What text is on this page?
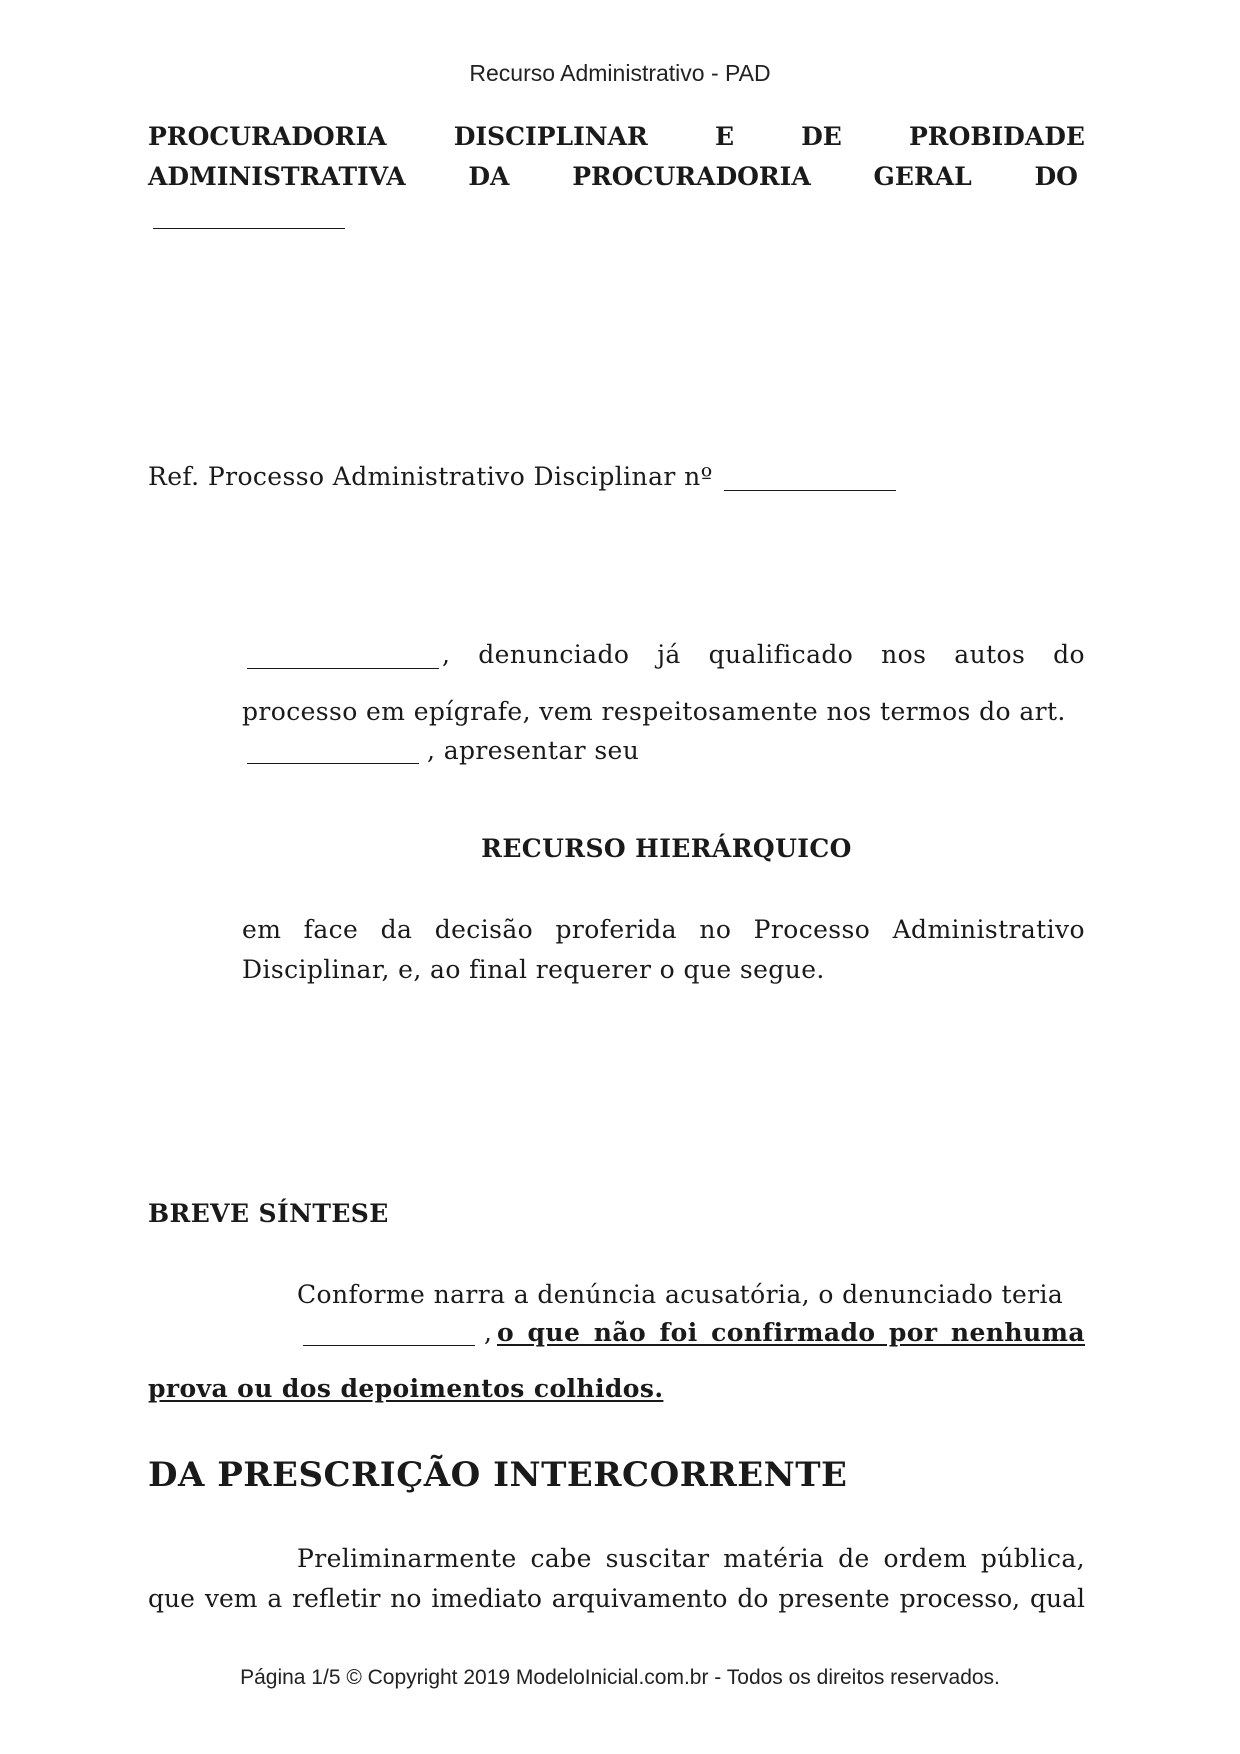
Recurso Administrativo - PAD
PROCURADORIA	DISCIPLINAR	E	DE	PROBIDADE
ADMINISTRATIVA	DA	PROCURADORIA	GERAL	DO
Ref. Processo Administrativo Disciplinar nº
, denunciado já qualificado nos autos do
processo em epígrafe, vem respeitosamente nos termos do art.
, apresentar seu
RECURSO HIERÁRQUICO
em face da decisão proferida no Processo Administrativo
Disciplinar, e, ao final requerer o que segue.
BREVE SÍNTESE
Conforme narra a denúncia acusatória, o denunciado teria
, o que não foi confirmado por nenhuma
prova ou dos depoimentos colhidos.
DA PRESCRIÇÃO INTERCORRENTE
Preliminarmente cabe suscitar matéria de ordem pública,
que vem a refletir no imediato arquivamento do presente processo, qual
Página 1/5 © Copyright 2019 ModeloInicial.com.br - Todos os direitos reservados.
